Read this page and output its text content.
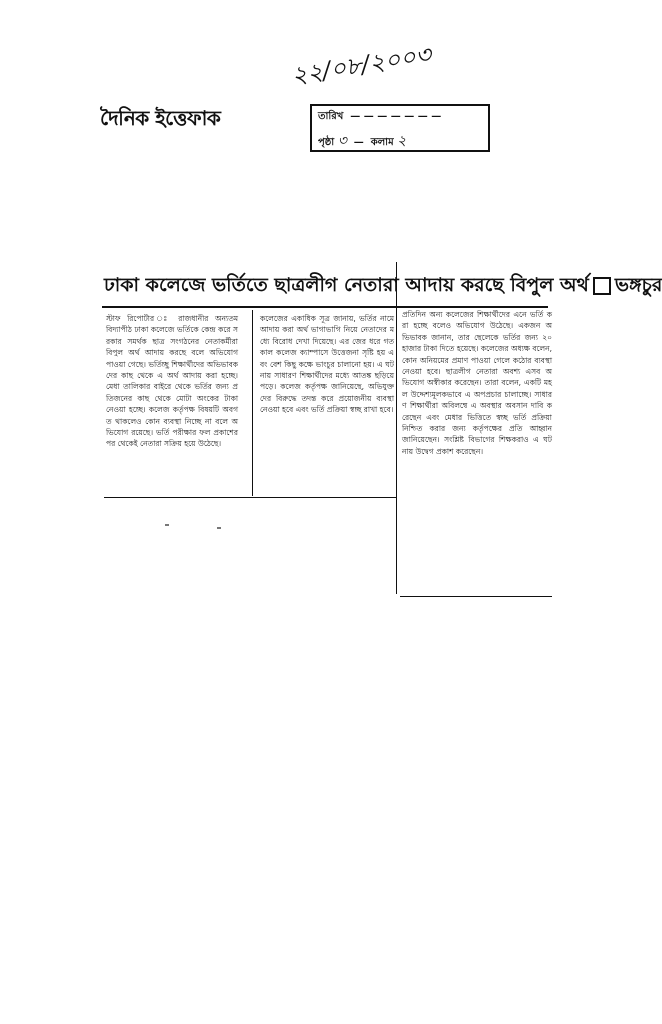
দৈনিক ইত্তেফাক
২২/০৮/২০০৩
তারিখ  — — — — — — —
পৃষ্ঠা ৩  —  কলাম ২
ঢাকা কলেজে ভর্তিতে ছাত্রলীগ নেতারা আদায় করছে বিপুল অর্থ ভঙ্গচুর
স্টাফ রিপোর্টার ঃ রাজধানীর অন্যতম বিদ্যাপীঠ ঢাকা কলেজে ভর্তিকে কেন্দ্র করে সরকার সমর্থক ছাত্র সংগঠনের নেতাকর্মীরা বিপুল অর্থ আদায় করছে বলে অভিযোগ পাওয়া গেছে। ভর্তিচ্ছু শিক্ষার্থীদের অভিভাবকদের কাছ থেকে এ অর্থ আদায় করা হচ্ছে। মেধা তালিকার বাইরে থেকে ভর্তির জন্য প্রতিজনের কাছ থেকে মোটা অংকের টাকা নেওয়া হচ্ছে। কলেজ কর্তৃপক্ষ বিষয়টি অবগত থাকলেও কোন ব্যবস্থা নিচ্ছে না বলে অভিযোগ রয়েছে। ভর্তি পরীক্ষার ফল প্রকাশের পর থেকেই নেতারা সক্রিয় হয়ে উঠেছে।
কলেজের একাধিক সূত্র জানায়, ভর্তির নামে আদায় করা অর্থ ভাগাভাগি নিয়ে নেতাদের মধ্যে বিরোধ দেখা দিয়েছে। এর জের ধরে গতকাল কলেজ ক্যাম্পাসে উত্তেজনা সৃষ্টি হয় এবং বেশ কিছু কক্ষে ভাংচুর চালানো হয়। এ ঘটনায় সাধারণ শিক্ষার্থীদের মধ্যে আতঙ্ক ছড়িয়ে পড়ে। কলেজ কর্তৃপক্ষ জানিয়েছে, অভিযুক্তদের বিরুদ্ধে তদন্ত করে প্রয়োজনীয় ব্যবস্থা নেওয়া হবে এবং ভর্তি প্রক্রিয়া স্বচ্ছ রাখা হবে।
প্রতিদিন অন্য কলেজের শিক্ষার্থীদের এনে ভর্তি করা হচ্ছে বলেও অভিযোগ উঠেছে। একজন অভিভাবক জানান, তার ছেলেকে ভর্তির জন্য ২০ হাজার টাকা দিতে হয়েছে। কলেজের অধ্যক্ষ বলেন, কোন অনিয়মের প্রমাণ পাওয়া গেলে কঠোর ব্যবস্থা নেওয়া হবে। ছাত্রলীগ নেতারা অবশ্য এসব অভিযোগ অস্বীকার করেছেন। তারা বলেন, একটি মহল উদ্দেশ্যমূলকভাবে এ অপপ্রচার চালাচ্ছে। সাধারণ শিক্ষার্থীরা অবিলম্বে এ অবস্থার অবসান দাবি করেছেন এবং মেধার ভিত্তিতে স্বচ্ছ ভর্তি প্রক্রিয়া নিশ্চিত করার জন্য কর্তৃপক্ষের প্রতি আহ্বান জানিয়েছেন। সংশ্লিষ্ট বিভাগের শিক্ষকরাও এ ঘটনায় উদ্বেগ প্রকাশ করেছেন।
